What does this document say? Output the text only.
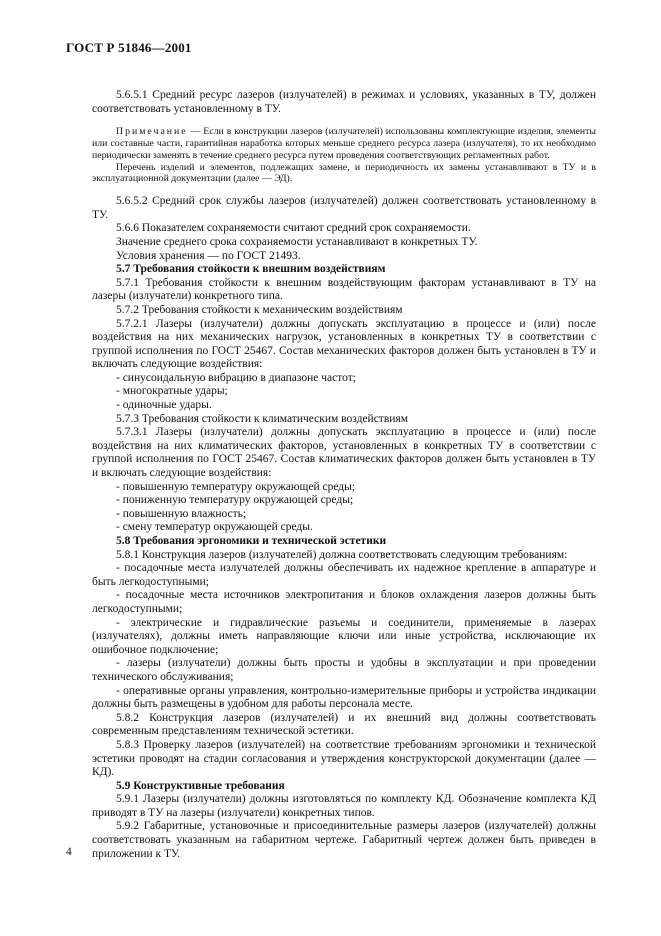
ГОСТ Р 51846—2001

5.6.5.1 Средний ресурс лазеров (излучателей) в режимах и условиях, указанных в ТУ, должен соответствовать установленному в ТУ.

Примечание — Если в конструкции лазеров (излучателей) использованы комплектующие изделия, элементы или составные части, гарантийная наработка которых меньше среднего ресурса лазера (излучателя), то их необходимо периодически заменять в течение среднего ресурса путем проведения соответствующих регламентных работ.

Перечень изделий и элементов, подлежащих замене, и периодичность их замены устанавливают в ТУ и в эксплуатационной документации (далее — ЭД).

5.6.5.2 Средний срок службы лазеров (излучателей) должен соответствовать установленному в ТУ.

5.6.6 Показателем сохраняемости считают средний срок сохраняемости.

Значение среднего срока сохраняемости устанавливают в конкретных ТУ.

Условия хранения — по ГОСТ 21493.

5.7 Требования стойкости к внешним воздействиям

5.7.1 Требования стойкости к внешним воздействующим факторам устанавливают в ТУ на лазеры (излучатели) конкретного типа.

5.7.2 Требования стойкости к механическим воздействиям

5.7.2.1 Лазеры (излучатели) должны допускать эксплуатацию в процессе и (или) после воздействия на них механических нагрузок, установленных в конкретных ТУ в соответствии с группой исполнения по ГОСТ 25467. Состав механических факторов должен быть установлен в ТУ и включать следующие воздействия:

- синусоидальную вибрацию в диапазоне частот;

- многократные удары;

- одиночные удары.

5.7.3 Требования стойкости к климатическим воздействиям

5.7.3.1 Лазеры (излучатели) должны допускать эксплуатацию в процессе и (или) после воздействия на них климатических факторов, установленных в конкретных ТУ в соответствии с группой исполнения по ГОСТ 25467. Состав климатических факторов должен быть установлен в ТУ и включать следующие воздействия:

- повышенную температуру окружающей среды;

- пониженную температуру окружающей среды;

- повышенную влажность;

- смену температур окружающей среды.

5.8 Требования эргономики и технической эстетики

5.8.1 Конструкция лазеров (излучателей) должна соответствовать следующим требованиям:

- посадочные места излучателей должны обеспечивать их надежное крепление в аппаратуре и быть легкодоступными;

- посадочные места источников электропитания и блоков охлаждения лазеров должны быть легкодоступными;

- электрические и гидравлические разъемы и соединители, применяемые в лазерах (излучателях), должны иметь направляющие ключи или иные устройства, исключающие их ошибочное подключение;

- лазеры (излучатели) должны быть просты и удобны в эксплуатации и при проведении технического обслуживания;

- оперативные органы управления, контрольно-измерительные приборы и устройства индикации должны быть размещены в удобном для работы персонала месте.

5.8.2 Конструкция лазеров (излучателей) и их внешний вид должны соответствовать современным представлениям технической эстетики.

5.8.3 Проверку лазеров (излучателей) на соответствие требованиям эргономики и технической эстетики проводят на стадии согласования и утверждения конструкторской документации (далее — КД).

5.9 Конструктивные требования

5.9.1 Лазеры (излучатели) должны изготовляться по комплекту КД. Обозначение комплекта КД приводят в ТУ на лазеры (излучатели) конкретных типов.

5.9.2 Габаритные, установочные и присоединительные размеры лазеров (излучателей) должны соответствовать указанным на габаритном чертеже. Габаритный чертеж должен быть приведен в приложении к ТУ.

4
